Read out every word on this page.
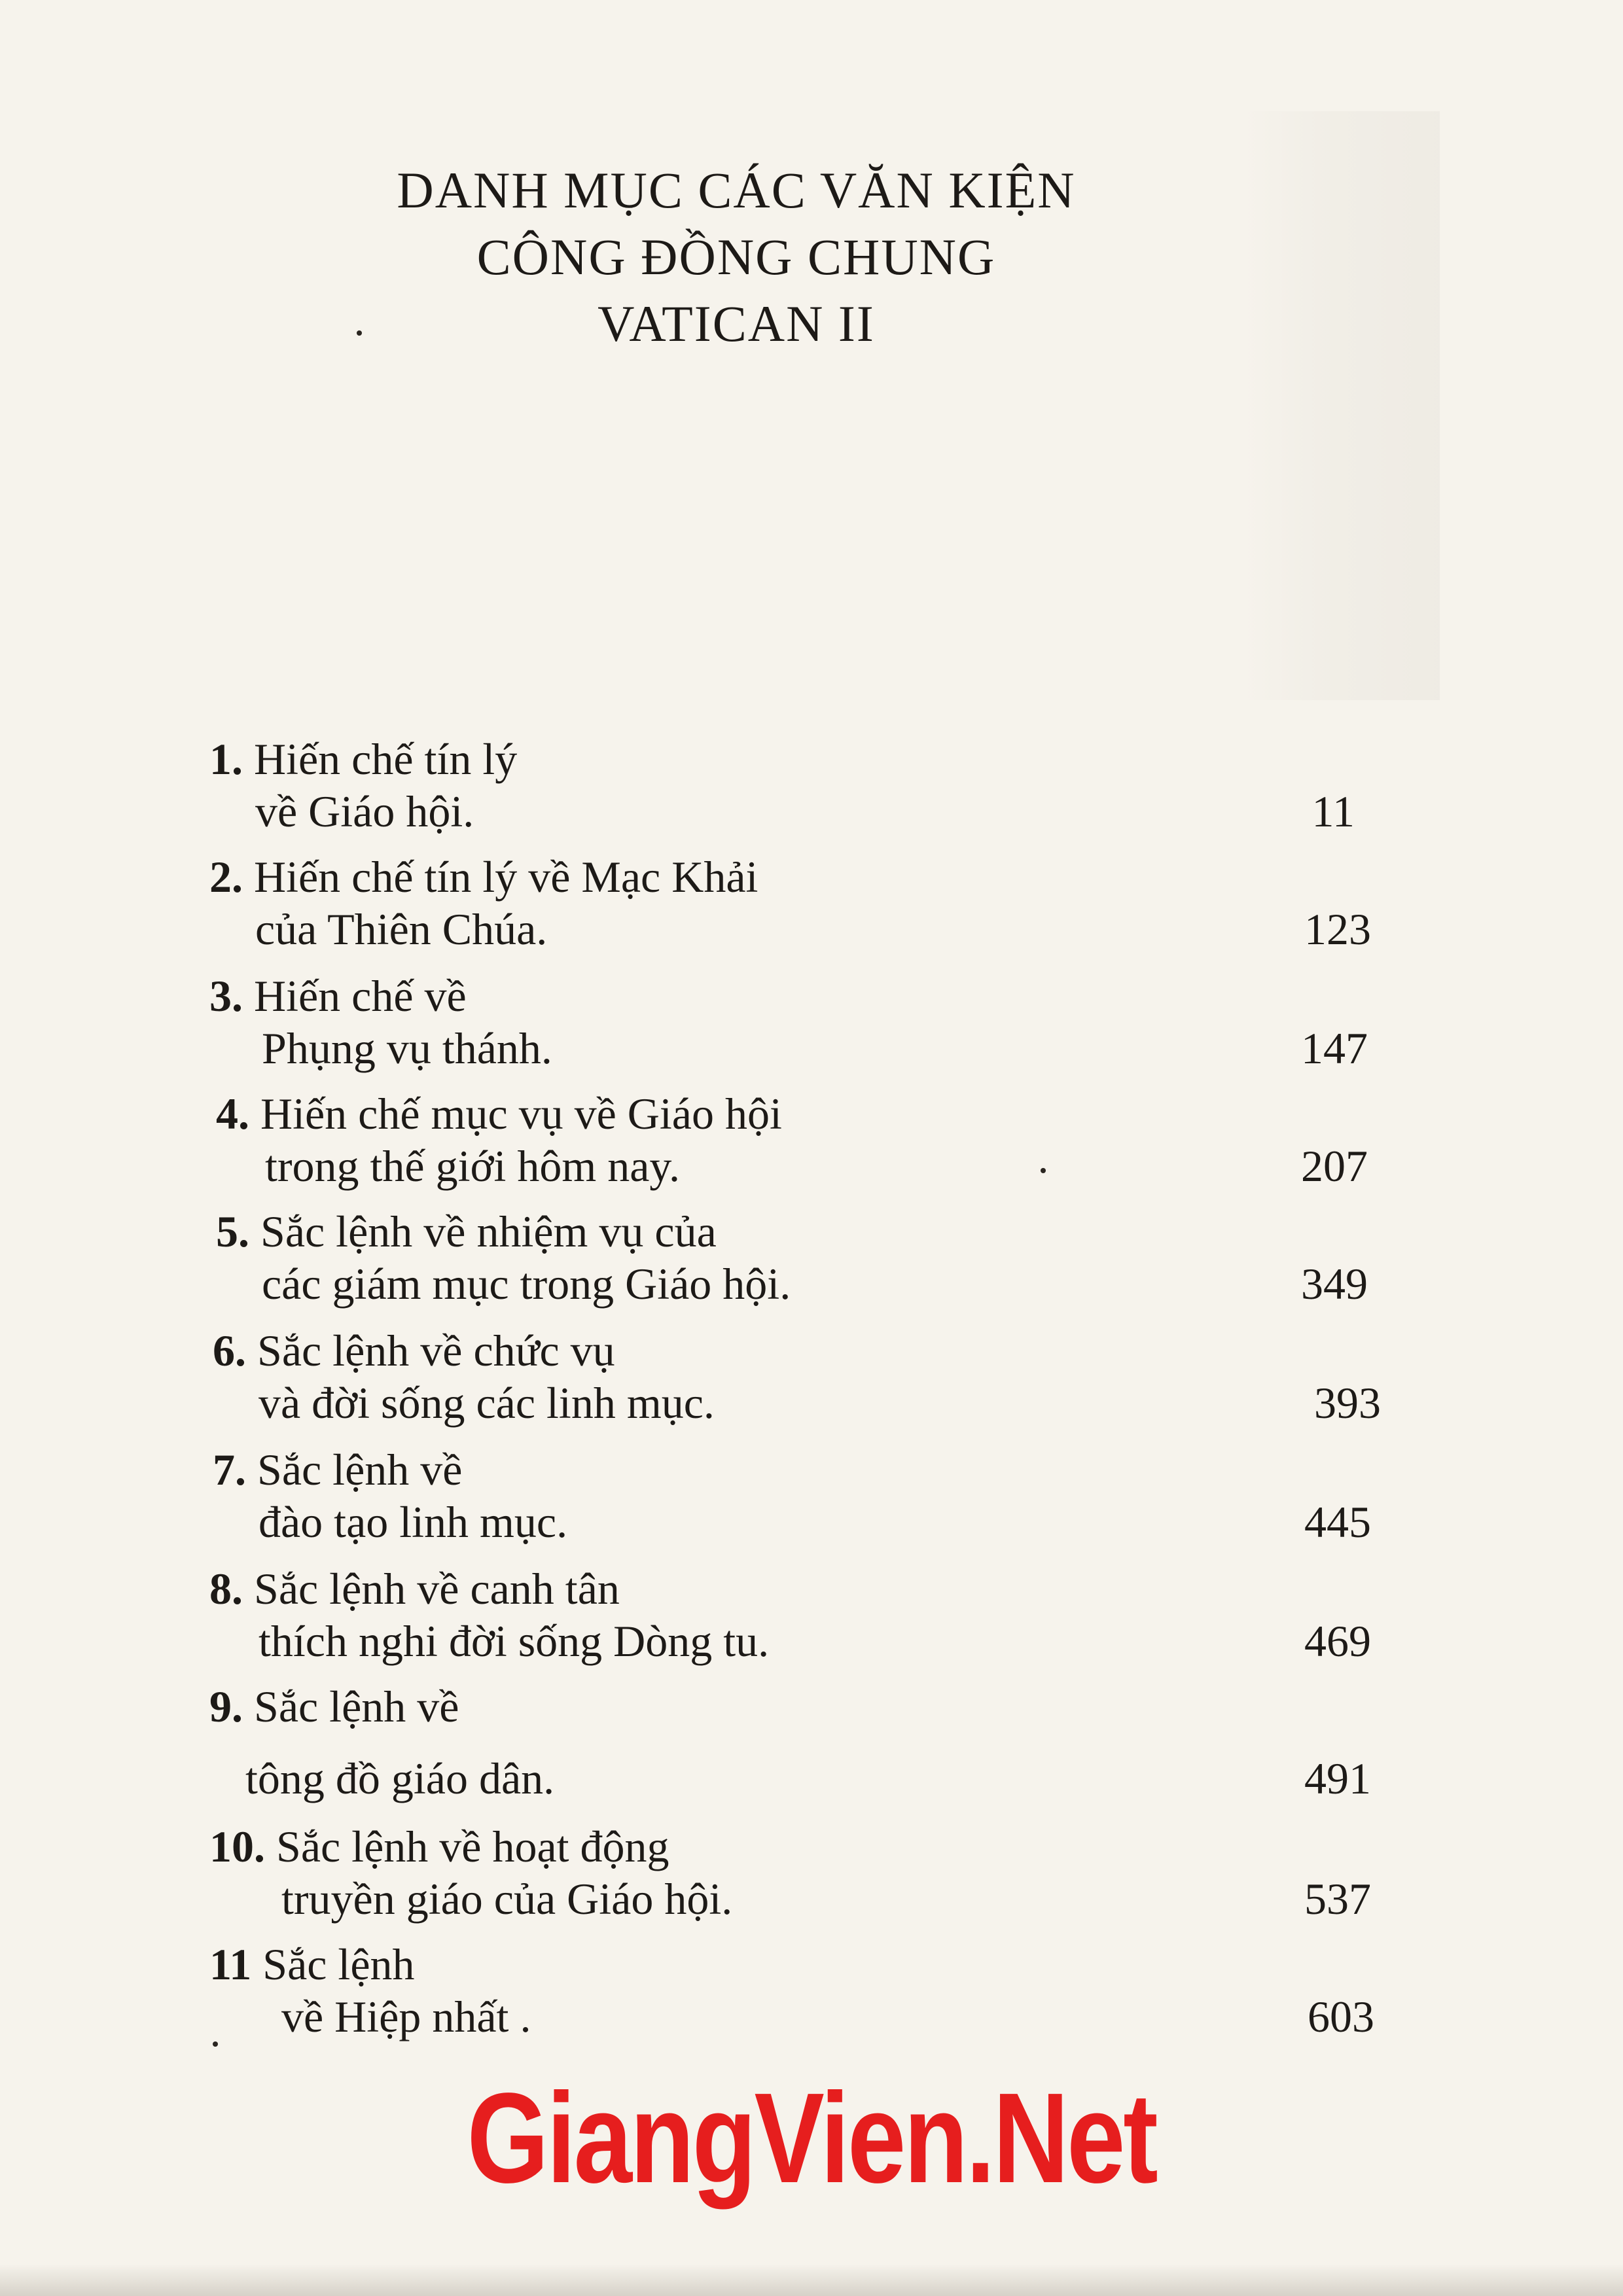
DANH MỤC CÁC VĂN KIỆN
CÔNG ĐỒNG CHUNG
VATICAN II
1. Hiến chế tín lý
về Giáo hội.	11
2. Hiến chế tín lý về Mạc Khải
của Thiên Chúa.	123
3. Hiến chế về
Phụng vụ thánh.	147
4. Hiến chế mục vụ về Giáo hội
trong thế giới hôm nay.	207
5. Sắc lệnh về nhiệm vụ của
các giám mục trong Giáo hội.	349
6. Sắc lệnh về chức vụ
và đời sống các linh mục.	393
7. Sắc lệnh về
đào tạo linh mục.	445
8. Sắc lệnh về canh tân
thích nghi đời sống Dòng tu.	469
9. Sắc lệnh về
tông đồ giáo dân.	491
10. Sắc lệnh về hoạt động
truyền giáo của Giáo hội.	537
11 Sắc lệnh
về Hiệp nhất .	603
GiangVien.Net
